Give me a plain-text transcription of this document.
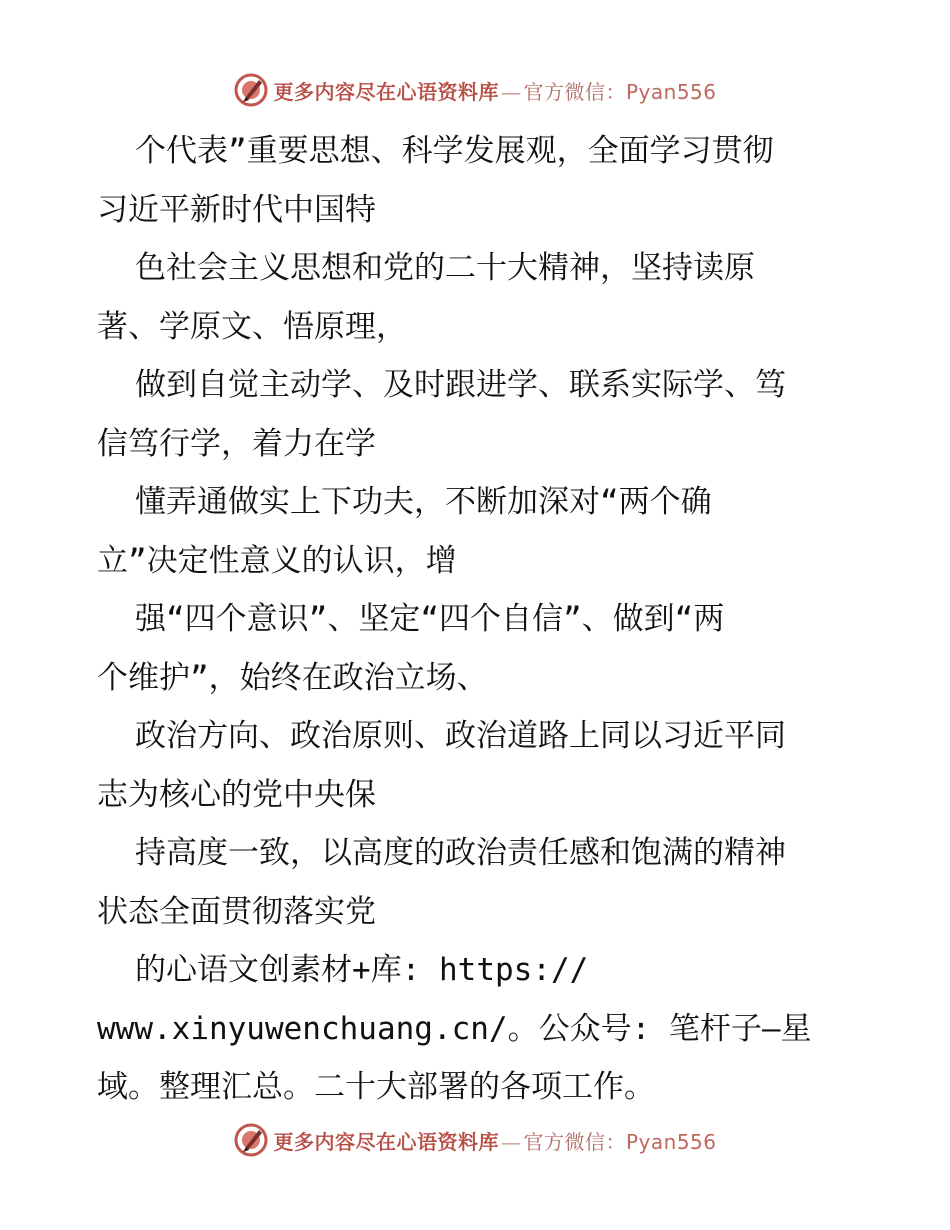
更多内容尽在心语资料库 — 官方微信：Pyan556
个代表”重要思想、科学发展观，全面学习贯彻
习近平新时代中国特
色社会主义思想和党的二十大精神，坚持读原
著、学原文、悟原理，
做到自觉主动学、及时跟进学、联系实际学、笃
信笃行学，着力在学
懂弄通做实上下功夫，不断加深对“两个确
立”决定性意义的认识，增
强“四个意识”、坚定“四个自信”、做到“两
个维护”，始终在政治立场、
政治方向、政治原则、政治道路上同以习近平同
志为核心的党中央保
持高度一致，以高度的政治责任感和饱满的精神
状态全面贯彻落实党
的心语文创素材+库: https://
www.xinyuwenchuang.cn/。公众号: 笔杆子—星
域。整理汇总。二十大部署的各项工作。
更多内容尽在心语资料库 — 官方微信：Pyan556
